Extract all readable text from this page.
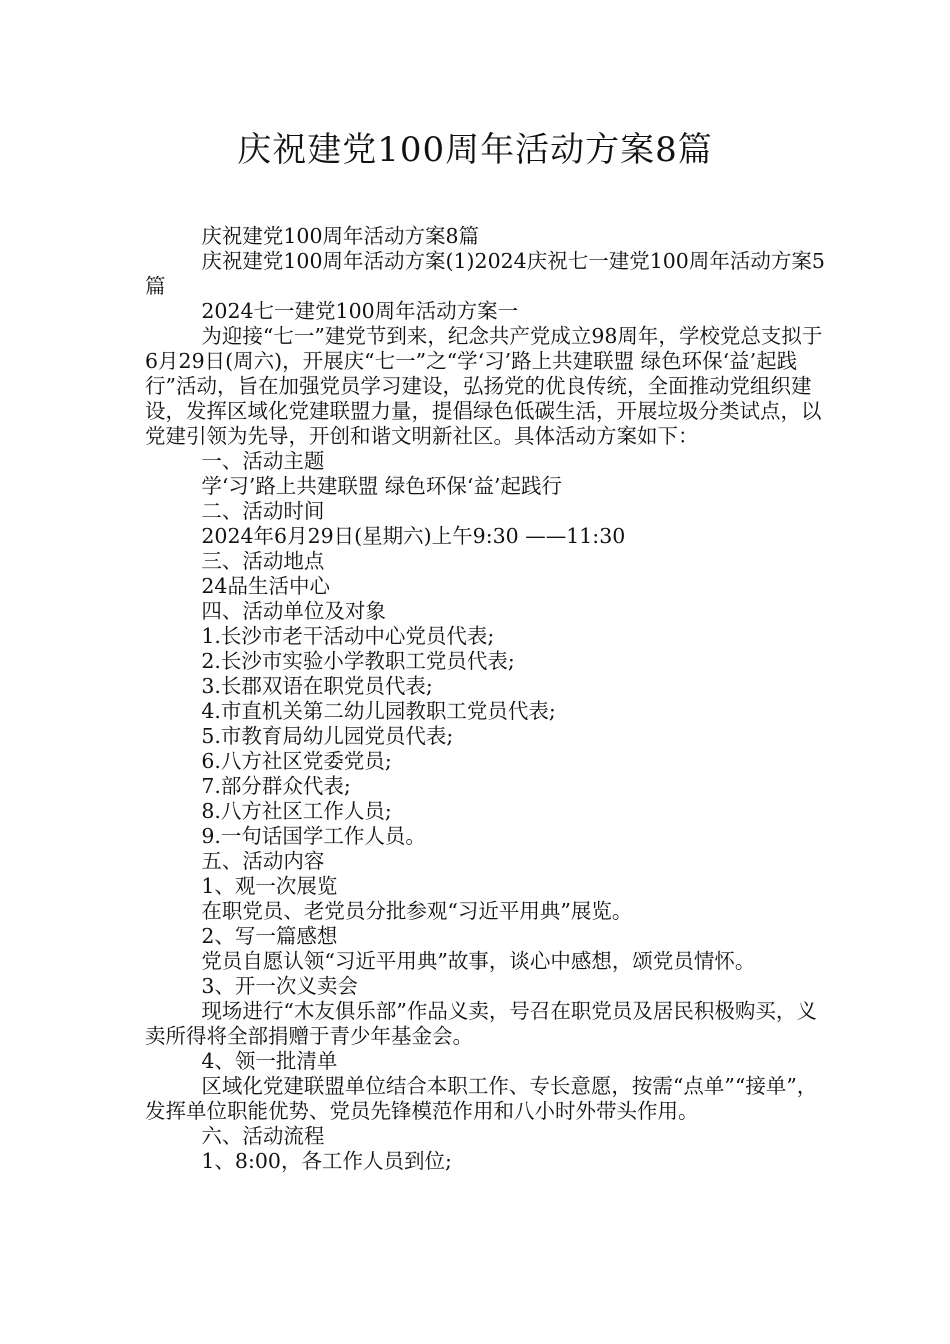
庆祝建党100周年活动方案8篇

庆祝建党100周年活动方案8篇

庆祝建党100周年活动方案(1)2024庆祝七一建党100周年活动方案5篇

2024七一建党100周年活动方案一

为迎接“七一”建党节到来，纪念共产党成立98周年，学校党总支拟于6月29日(周六)，开展庆“七一”之“学‘习’路上共建联盟 绿色环保‘益’起践行”活动，旨在加强党员学习建设，弘扬党的优良传统，全面推动党组织建设，发挥区域化党建联盟力量，提倡绿色低碳生活，开展垃圾分类试点，以党建引领为先导，开创和谐文明新社区。具体活动方案如下：

一、活动主题

学‘习’路上共建联盟 绿色环保‘益’起践行

二、活动时间

2024年6月29日(星期六)上午9:30 ——11:30

三、活动地点

24品生活中心

四、活动单位及对象

1.长沙市老干活动中心党员代表;

2.长沙市实验小学教职工党员代表;

3.长郡双语在职党员代表;

4.市直机关第二幼儿园教职工党员代表;

5.市教育局幼儿园党员代表;

6.八方社区党委党员;

7.部分群众代表;

8.八方社区工作人员;

9.一句话国学工作人员。

五、活动内容

1、观一次展览

在职党员、老党员分批参观“习近平用典”展览。

2、写一篇感想

党员自愿认领“习近平用典”故事，谈心中感想，颂党员情怀。

3、开一次义卖会

现场进行“木友俱乐部”作品义卖，号召在职党员及居民积极购买，义卖所得将全部捐赠于青少年基金会。

4、领一批清单

区域化党建联盟单位结合本职工作、专长意愿，按需“点单”“接单”，发挥单位职能优势、党员先锋模范作用和八小时外带头作用。

六、活动流程

1、8:00，各工作人员到位;
